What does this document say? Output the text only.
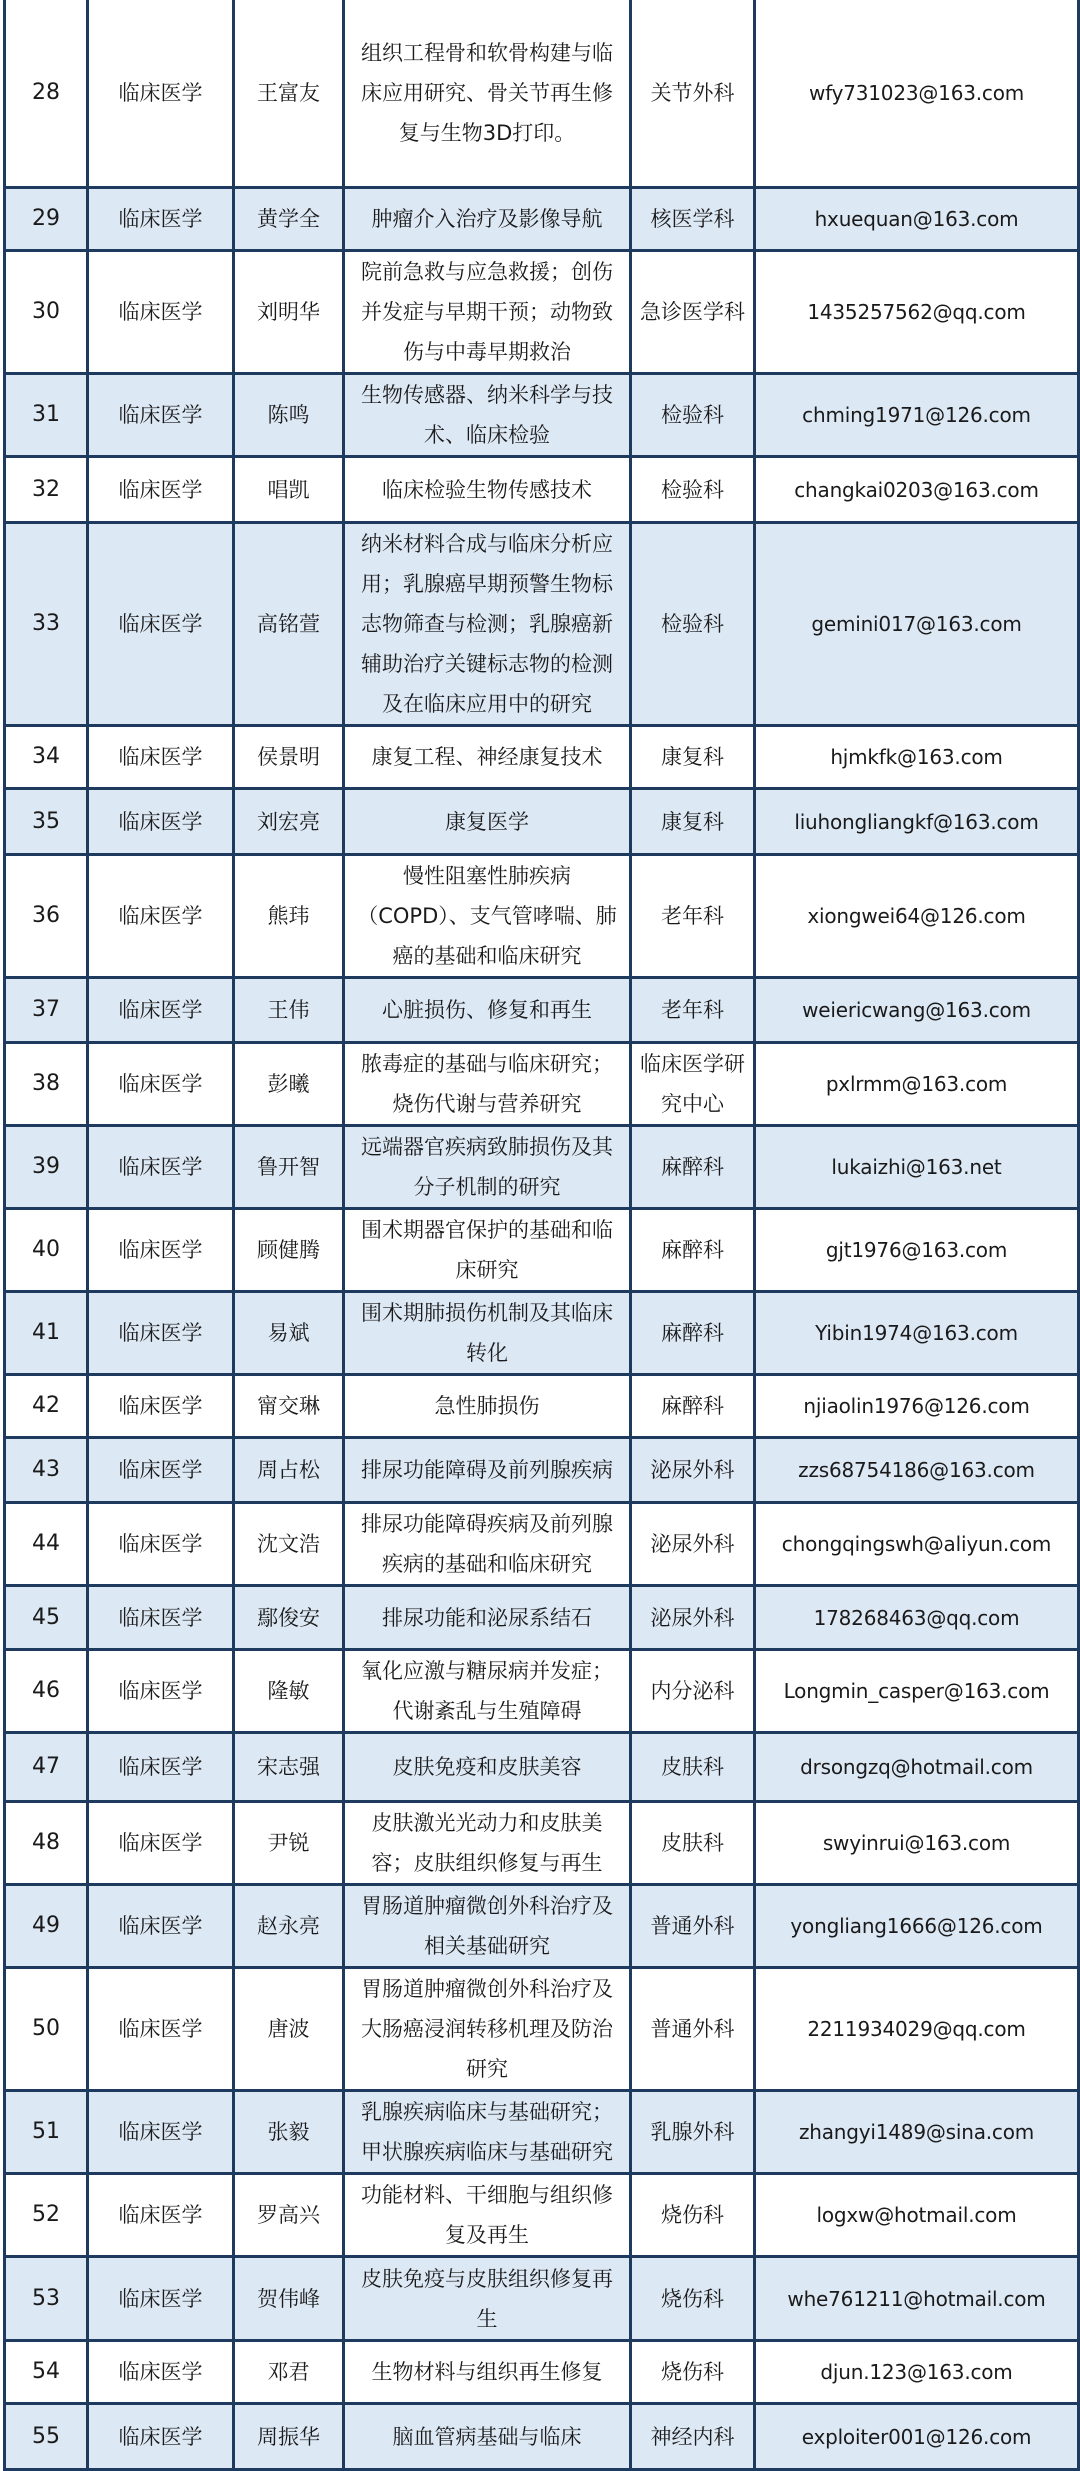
28	临床医学	王富友	组织工程骨和软骨构建与临床应用研究、骨关节再生修复与生物3D打印。	关节外科	wfy731023@163.com
29	临床医学	黄学全	肿瘤介入治疗及影像导航	核医学科	hxuequan@163.com
30	临床医学	刘明华	院前急救与应急救援；创伤并发症与早期干预；动物致伤与中毒早期救治	急诊医学科	1435257562@qq.com
31	临床医学	陈鸣	生物传感器、纳米科学与技术、临床检验	检验科	chming1971@126.com
32	临床医学	唱凯	临床检验生物传感技术	检验科	changkai0203@163.com
33	临床医学	高铭萱	纳米材料合成与临床分析应用；乳腺癌早期预警生物标志物筛查与检测；乳腺癌新辅助治疗关键标志物的检测及在临床应用中的研究	检验科	gemini017@163.com
34	临床医学	侯景明	康复工程、神经康复技术	康复科	hjmkfk@163.com
35	临床医学	刘宏亮	康复医学	康复科	liuhongliangkf@163.com
36	临床医学	熊玮	慢性阻塞性肺疾病（COPD）、支气管哮喘、肺癌的基础和临床研究	老年科	xiongwei64@126.com
37	临床医学	王伟	心脏损伤、修复和再生	老年科	weiericwang@163.com
38	临床医学	彭曦	脓毒症的基础与临床研究；烧伤代谢与营养研究	临床医学研究中心	pxlrmm@163.com
39	临床医学	鲁开智	远端器官疾病致肺损伤及其分子机制的研究	麻醉科	lukaizhi@163.net
40	临床医学	顾健腾	围术期器官保护的基础和临床研究	麻醉科	gjt1976@163.com
41	临床医学	易斌	围术期肺损伤机制及其临床转化	麻醉科	Yibin1974@163.com
42	临床医学	甯交琳	急性肺损伤	麻醉科	njiaolin1976@126.com
43	临床医学	周占松	排尿功能障碍及前列腺疾病	泌尿外科	zzs68754186@163.com
44	临床医学	沈文浩	排尿功能障碍疾病及前列腺疾病的基础和临床研究	泌尿外科	chongqingswh@aliyun.com
45	临床医学	鄢俊安	排尿功能和泌尿系结石	泌尿外科	178268463@qq.com
46	临床医学	隆敏	氧化应激与糖尿病并发症；代谢紊乱与生殖障碍	内分泌科	Longmin_casper@163.com
47	临床医学	宋志强	皮肤免疫和皮肤美容	皮肤科	drsongzq@hotmail.com
48	临床医学	尹锐	皮肤激光光动力和皮肤美容；皮肤组织修复与再生	皮肤科	swyinrui@163.com
49	临床医学	赵永亮	胃肠道肿瘤微创外科治疗及相关基础研究	普通外科	yongliang1666@126.com
50	临床医学	唐波	胃肠道肿瘤微创外科治疗及大肠癌浸润转移机理及防治研究	普通外科	2211934029@qq.com
51	临床医学	张毅	乳腺疾病临床与基础研究；甲状腺疾病临床与基础研究	乳腺外科	zhangyi1489@sina.com
52	临床医学	罗高兴	功能材料、干细胞与组织修复及再生	烧伤科	logxw@hotmail.com
53	临床医学	贺伟峰	皮肤免疫与皮肤组织修复再生	烧伤科	whe761211@hotmail.com
54	临床医学	邓君	生物材料与组织再生修复	烧伤科	djun.123@163.com
55	临床医学	周振华	脑血管病基础与临床	神经内科	exploiter001@126.com
